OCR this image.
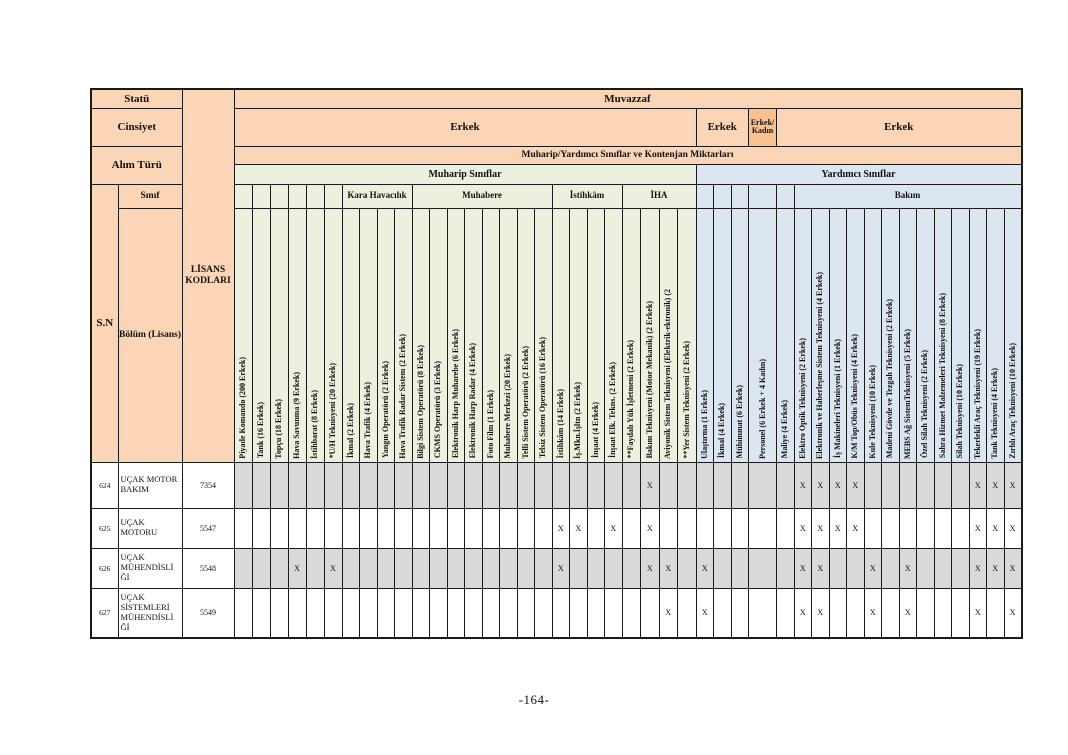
Statü		LİSANS KODLARI	Muvazzaf																																											
Cinsiyet			Erkek																										Erkek			Erkek/ Kadın	Erkek													
Alım Türü			Muharip/Yardımcı Sınıflar ve Kontenjan Miktarları																																											
			Muharip Sınıflar																										Yardımcı Sınıflar																	
S.N	Sınıf								Kara Havacılık				Muhabere								İstihkâm				İHA									Bakım												
	Bölüm (Lisans)		Piyade Komando (200 Erkek)	Tank (16 Erkek)	Topçu (18 Erkek)	Hava Savunma (9 Erkek)	İstihbarat (8 Erkek)	*U/H Teknisyeni (20 Erkek)	İkmal (2 Erkek)	Hava Trafik (4 Erkek)	Yangın Operatörü (2 Erkek)	Hava Trafik Radar Sistem (2 Erkek)	Bilgi Sistem Operatörü (8 Erkek)	CKMS Operatörü (3 Erkek)	Elektronik Harp Muharebe (6 Erkek)	Elektronik Harp Radar (4 Erkek)	Foto Film (1 Erkek)	Muhabere Merkezi (20 Erkek)	Telli Sistem Operatörü (2 Erkek)	Telsiz Sistem Operatörü (16 Erkek)	İstihkâm (14 Erkek)	İş.Mkn.İşltn (2 Erkek)	İnşaat (4 Erkek)	İnşaat Elk. Tekns. (2 Erkek)	**Faydalı Yük İşletmeni (2 Erkek)	Bakım Teknisyeni (Motor Mekanik) (2 Erkek)	Aviyonik Sistem Teknisyeni (Elektrik-ektronik) (2	**Yer Sistem Teknisyeni (2 Erkek)	Ulaştırma (1 Erkek)	İkmal (4 Erkek)	Mühimmat (6 Erkek)	Personel (6 Erkek + 4 Kadın)	Maliye (4 Erkek)	Elektro Optik Teknisyeni (2 Erkek)	Elektronik ve Haberleşme Sistem Teknisyeni (4 Erkek)	İş Makineleri Teknisyeni (1 Erkek)	K/M Top/Obüs Teknisyeni (4 Erkek)	Kule Teknisyeni (10 Erkek)	Madeni Gövde ve Tezgah Teknisyeni (2 Erkek)	MEBS Ağ SistemTeknisyeni (5 Erkek)	Özel Silah Teknisyeni (2 Erkek)	Sahra Hizmet Malzemeleri Teknisyeni (8 Erkek)	Silah Teknisyeni (10 Erkek)	Tekerlekli Araç Teknisyeni (19 Erkek)	Tank Teknisyeni (4 Erkek)	Zırhlı Araç Teknisyeni (10 Erkek)
624	UÇAK MOTOR BAKIM	7354																								X								X	X	X	X							X	X	X
625	UÇAK MOTORU	5547																			X	X		X		X								X	X	X	X							X	X	X
626	UÇAK MÜHENDİSLİĞİ	5548				X		X													X					X	X		X					X	X			X		X				X	X	X
627	UÇAK SİSTEMLERİ MÜHENDİSLİĞİ	5549																									X		X					X	X			X		X				X		X
-164-
